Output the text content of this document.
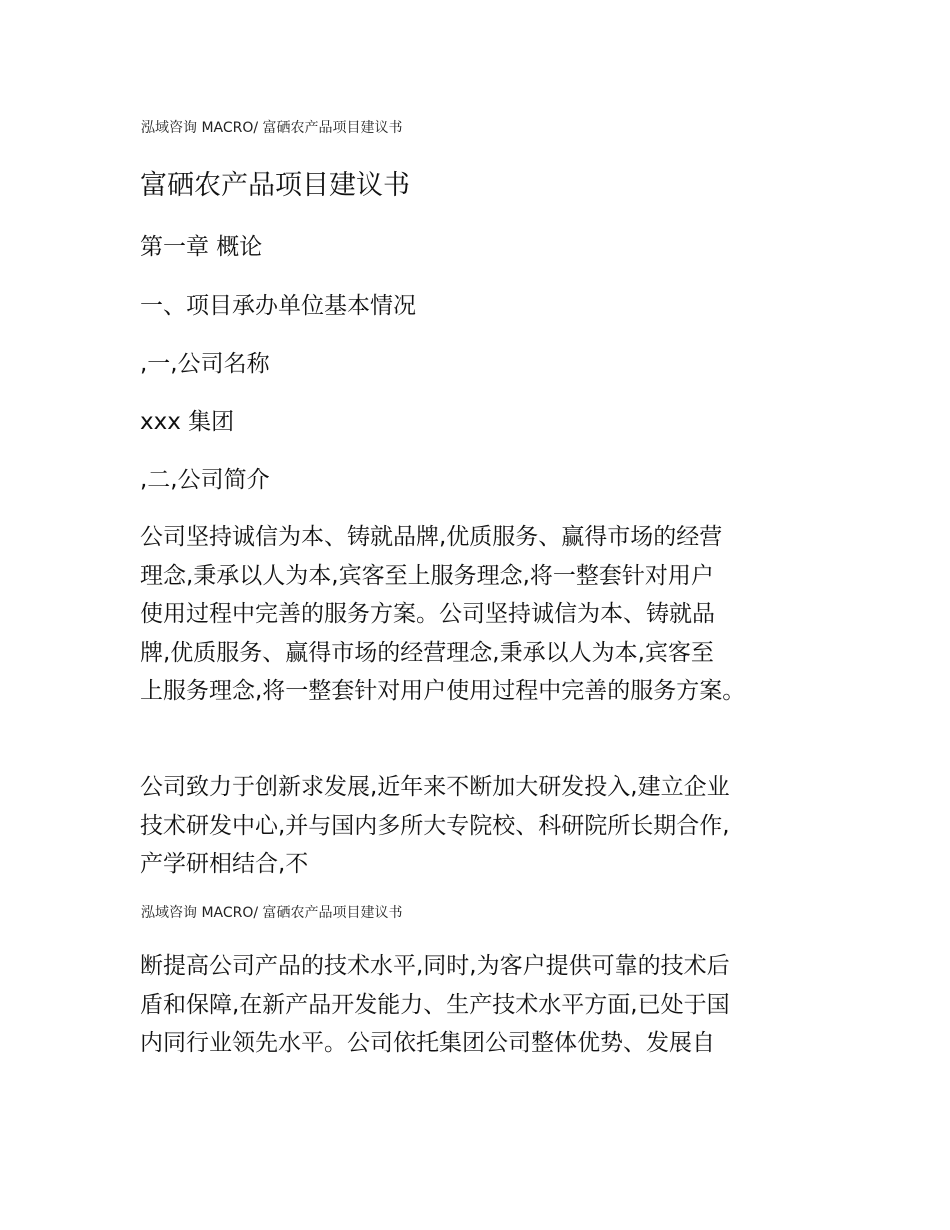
泓域咨询 MACRO/ 富硒农产品项目建议书
富硒农产品项目建议书
第一章 概论
一、项目承办单位基本情况
,一,公司名称
xxx 集团
,二,公司简介
公司坚持诚信为本、铸就品牌,优质服务、赢得市场的经营
理念,秉承以人为本,宾客至上服务理念,将一整套针对用户
使用过程中完善的服务方案。公司坚持诚信为本、铸就品
牌,优质服务、赢得市场的经营理念,秉承以人为本,宾客至
上服务理念,将一整套针对用户使用过程中完善的服务方案。
公司致力于创新求发展,近年来不断加大研发投入,建立企业
技术研发中心,并与国内多所大专院校、科研院所长期合作,
产学研相结合,不
泓域咨询 MACRO/ 富硒农产品项目建议书
断提高公司产品的技术水平,同时,为客户提供可靠的技术后
盾和保障,在新产品开发能力、生产技术水平方面,已处于国
内同行业领先水平。公司依托集团公司整体优势、发展自
